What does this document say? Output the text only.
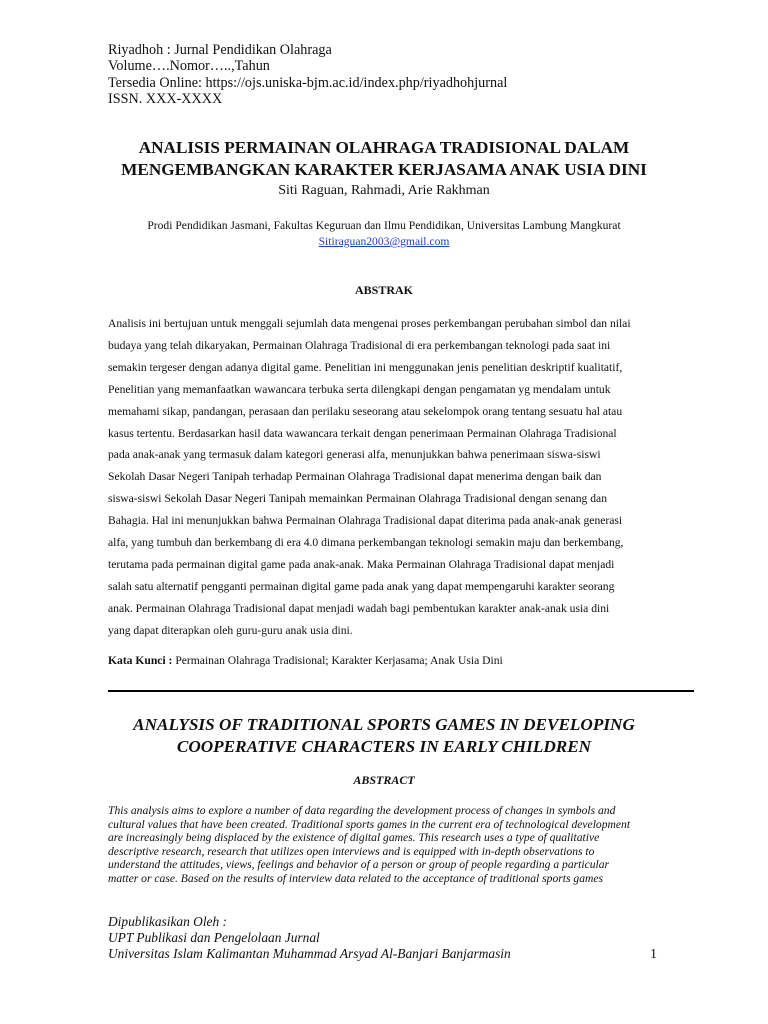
Riyadhoh : Jurnal Pendidikan Olahraga
Volume….Nomor…..,Tahun
Tersedia Online: https://ojs.uniska-bjm.ac.id/index.php/riyadhohjurnal
ISSN. XXX-XXXX
ANALISIS PERMAINAN OLAHRAGA TRADISIONAL DALAM
MENGEMBANGKAN KARAKTER KERJASAMA ANAK USIA DINI
Siti Raguan, Rahmadi, Arie Rakhman
Prodi Pendidikan Jasmani, Fakultas Keguruan dan Ilmu Pendidikan, Universitas Lambung Mangkurat
Sitiraguan2003@gmail.com
ABSTRAK
Analisis ini bertujuan untuk menggali sejumlah data mengenai proses perkembangan perubahan simbol dan nilai
budaya yang telah dikaryakan, Permainan Olahraga Tradisional di era perkembangan teknologi pada saat ini
semakin tergeser dengan adanya digital game. Penelitian ini menggunakan jenis penelitian deskriptif kualitatif,
Penelitian yang memanfaatkan wawancara terbuka serta dilengkapi dengan pengamatan yg mendalam untuk
memahami sikap, pandangan, perasaan dan perilaku seseorang atau sekelompok orang tentang sesuatu hal atau
kasus tertentu. Berdasarkan hasil data wawancara terkait dengan penerimaan Permainan Olahraga Tradisional
pada anak-anak yang termasuk dalam kategori generasi alfa, menunjukkan bahwa penerimaan siswa-siswi
Sekolah Dasar Negeri Tanipah terhadap Permainan Olahraga Tradisional dapat menerima dengan baik dan
siswa-siswi Sekolah Dasar Negeri Tanipah memainkan Permainan Olahraga Tradisional dengan senang dan
Bahagia. Hal ini menunjukkan bahwa Permainan Olahraga Tradisional dapat diterima pada anak-anak generasi
alfa, yang tumbuh dan berkembang di era 4.0 dimana perkembangan teknologi semakin maju dan berkembang,
terutama pada permainan digital game pada anak-anak. Maka Permainan Olahraga Tradisional dapat menjadi
salah satu alternatif pengganti permainan digital game pada anak yang dapat mempengaruhi karakter seorang
anak. Permainan Olahraga Tradisional dapat menjadi wadah bagi pembentukan karakter anak-anak usia dini
yang dapat diterapkan oleh guru-guru anak usia dini.
Kata Kunci : Permainan Olahraga Tradisional; Karakter Kerjasama; Anak Usia Dini
ANALYSIS OF TRADITIONAL SPORTS GAMES IN DEVELOPING
COOPERATIVE CHARACTERS IN EARLY CHILDREN
ABSTRACT
This analysis aims to explore a number of data regarding the development process of changes in symbols and
cultural values that have been created. Traditional sports games in the current era of technological development
are increasingly being displaced by the existence of digital games. This research uses a type of qualitative
descriptive research, research that utilizes open interviews and is equipped with in-depth observations to
understand the attitudes, views, feelings and behavior of a person or group of people regarding a particular
matter or case. Based on the results of interview data related to the acceptance of traditional sports games
Dipublikasikan Oleh :
UPT Publikasi dan Pengelolaan Jurnal
Universitas Islam Kalimantan Muhammad Arsyad Al-Banjari Banjarmasin	1
